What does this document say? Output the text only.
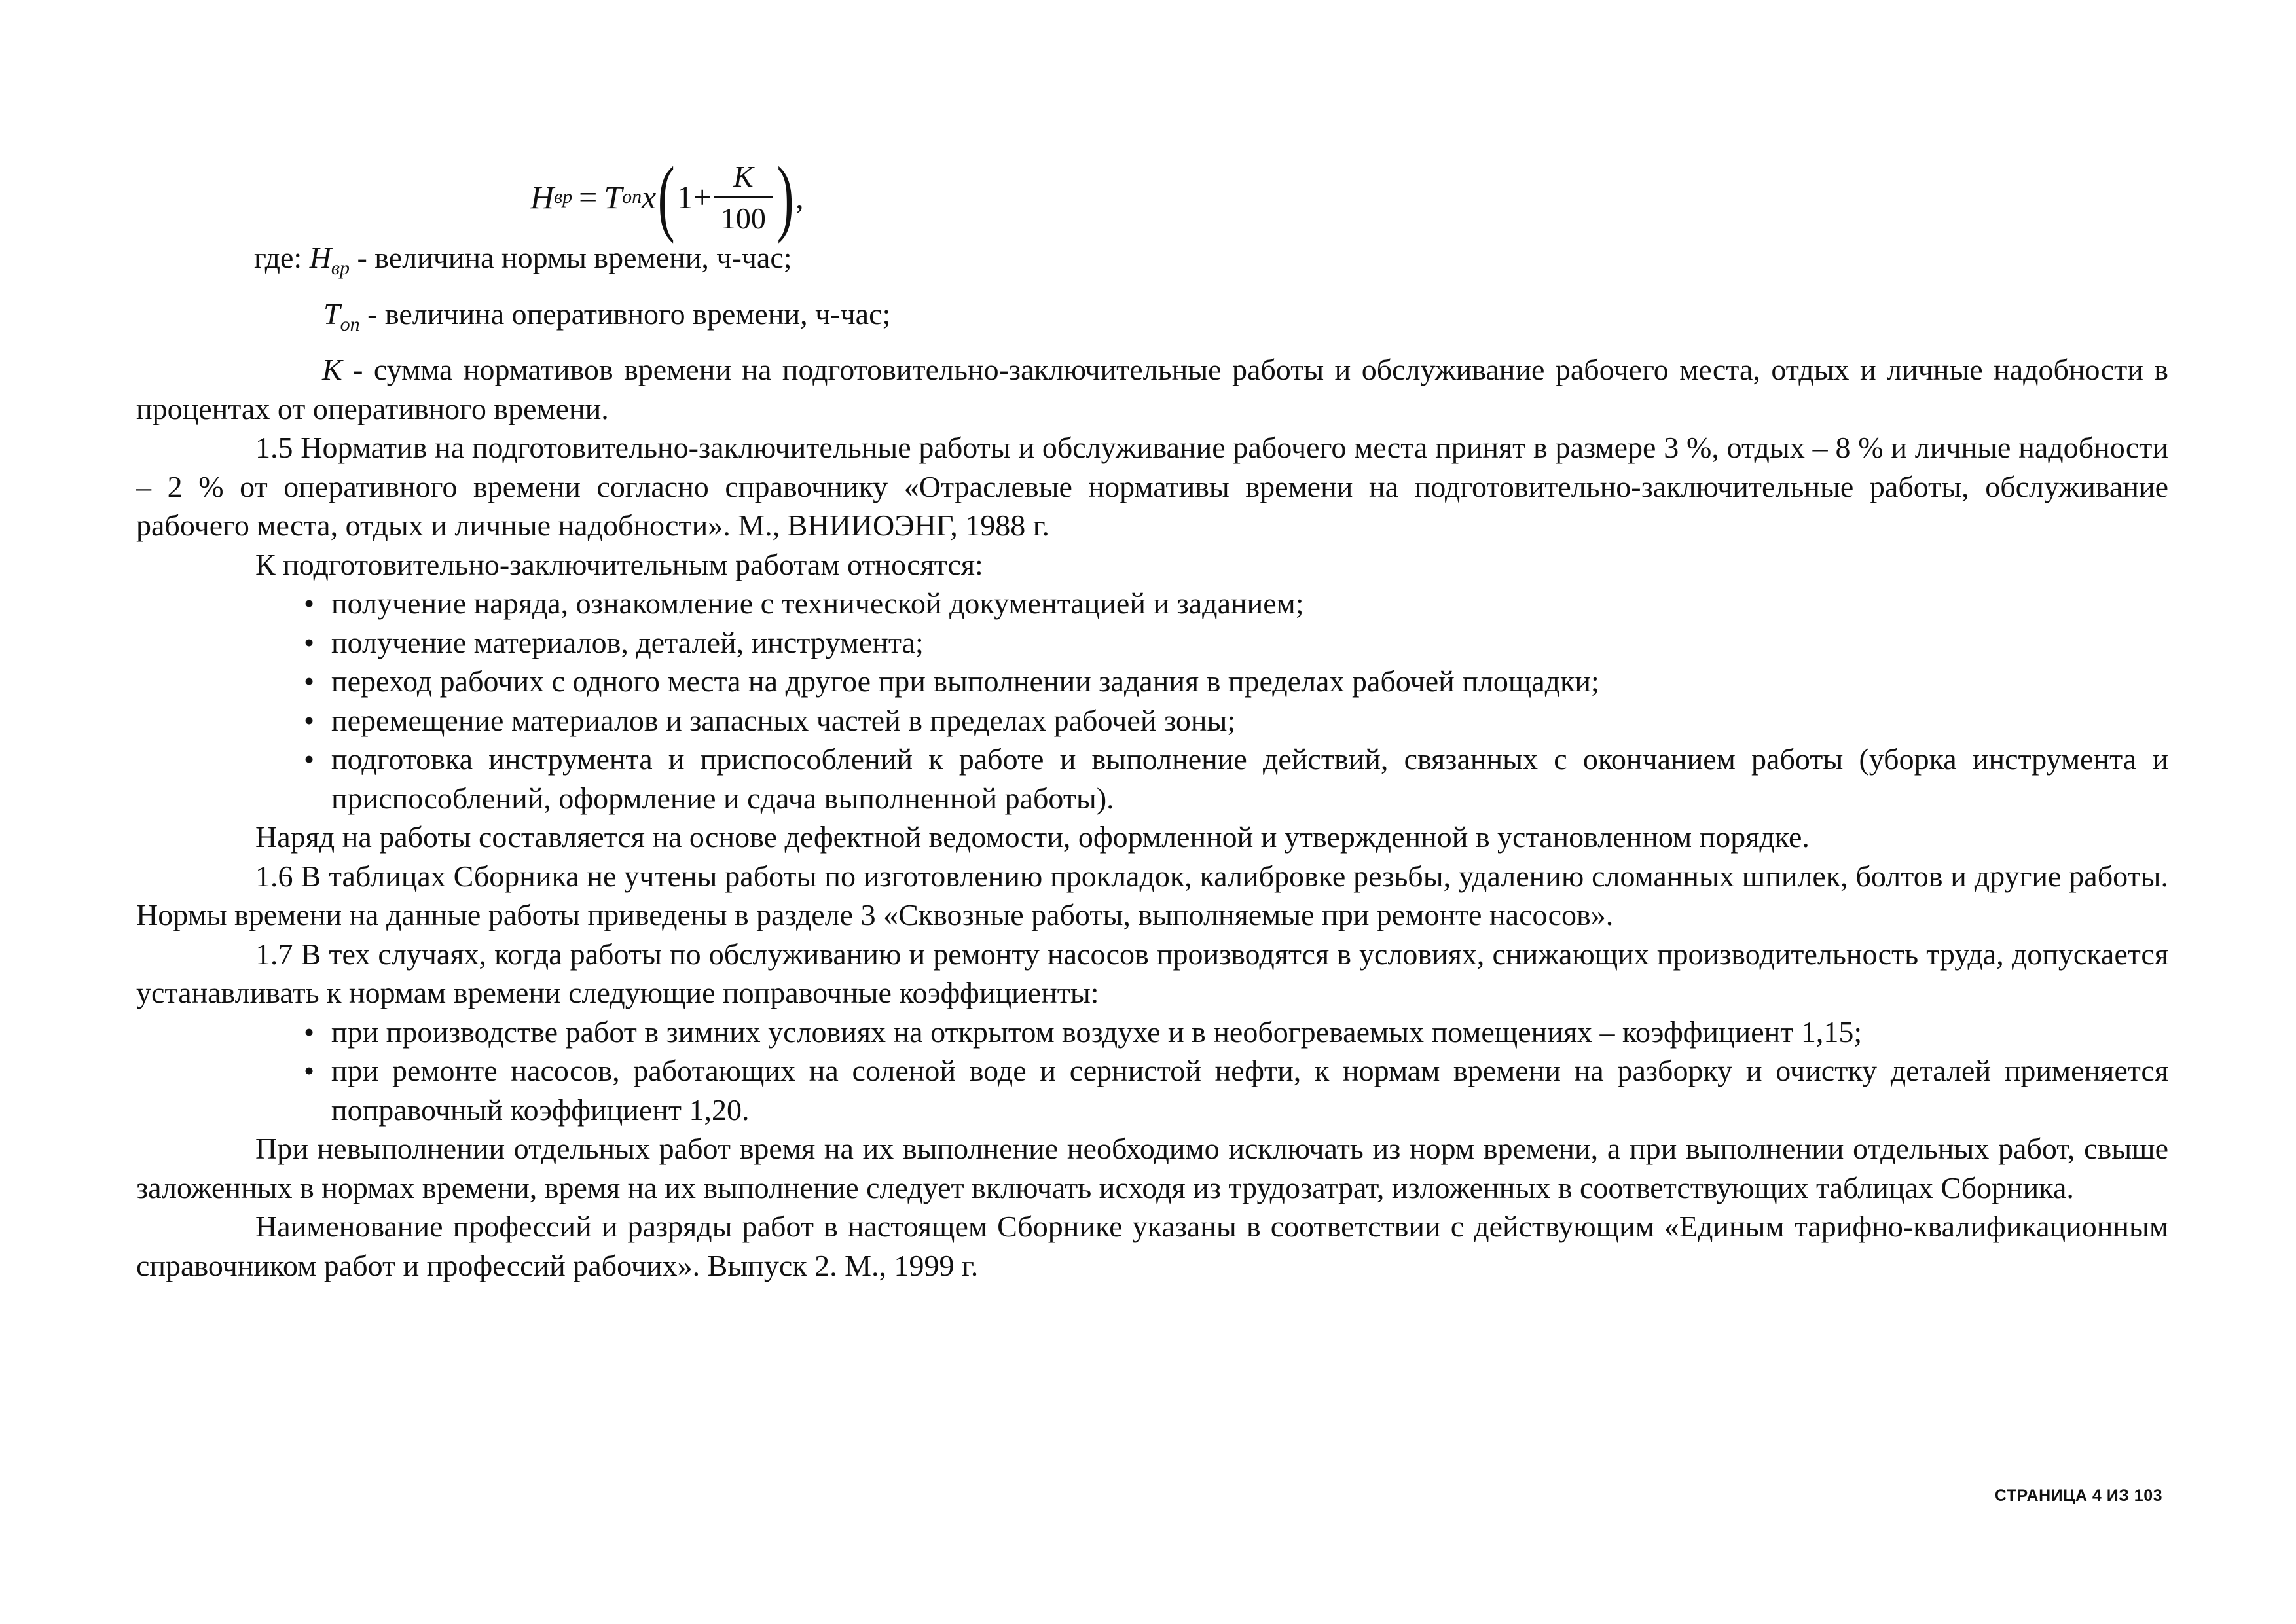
H вр = T оп x ( $1+ \frac{K}{100}$ ) ,

где: $H_{вр}$ - величина нормы времени, ч-час;

$T_{оп}$ - величина оперативного времени, ч-час;

K - сумма нормативов времени на подготовительно-заключительные работы и обслуживание рабочего места, отдых и личные надобности в процентах от оперативного времени.

1.5 Норматив на подготовительно-заключительные работы и обслуживание рабочего места принят в размере 3 %, отдых – 8 % и личные надобности – 2 % от оперативного времени согласно справочнику «Отраслевые нормативы времени на подготовительно-заключительные работы, обслуживание рабочего места, отдых и личные надобности». М., ВНИИОЭНГ, 1988 г.

К подготовительно-заключительным работам относятся:

• получение наряда, ознакомление с технической документацией и заданием;
• получение материалов, деталей, инструмента;
• переход рабочих с одного места на другое при выполнении задания в пределах рабочей площадки;
• перемещение материалов и запасных частей в пределах рабочей зоны;
• подготовка инструмента и приспособлений к работе и выполнение действий, связанных с окончанием работы (уборка инструмента и приспособлений, оформление и сдача выполненной работы).

Наряд на работы составляется на основе дефектной ведомости, оформленной и утвержденной в установленном порядке.

1.6 В таблицах Сборника не учтены работы по изготовлению прокладок, калибровке резьбы, удалению сломанных шпилек, болтов и другие работы. Нормы времени на данные работы приведены в разделе 3 «Сквозные работы, выполняемые при ремонте насосов».

1.7 В тех случаях, когда работы по обслуживанию и ремонту насосов производятся в условиях, снижающих производительность труда, допускается устанавливать к нормам времени следующие поправочные коэффициенты:

• при производстве работ в зимних условиях на открытом воздухе и в необогреваемых помещениях – коэффициент 1,15;
• при ремонте насосов, работающих на соленой воде и сернистой нефти, к нормам времени на разборку и очистку деталей применяется поправочный коэффициент 1,20.

При невыполнении отдельных работ время на их выполнение необходимо исключать из норм времени, а при выполнении отдельных работ, свыше заложенных в нормах времени, время на их выполнение следует включать исходя из трудозатрат, изложенных в соответствующих таблицах Сборника.

Наименование профессий и разряды работ в настоящем Сборнике указаны в соответствии с действующим «Единым тарифно-квалификационным справочником работ и профессий рабочих». Выпуск 2. М., 1999 г.

СТРАНИЦА 4 ИЗ 103
